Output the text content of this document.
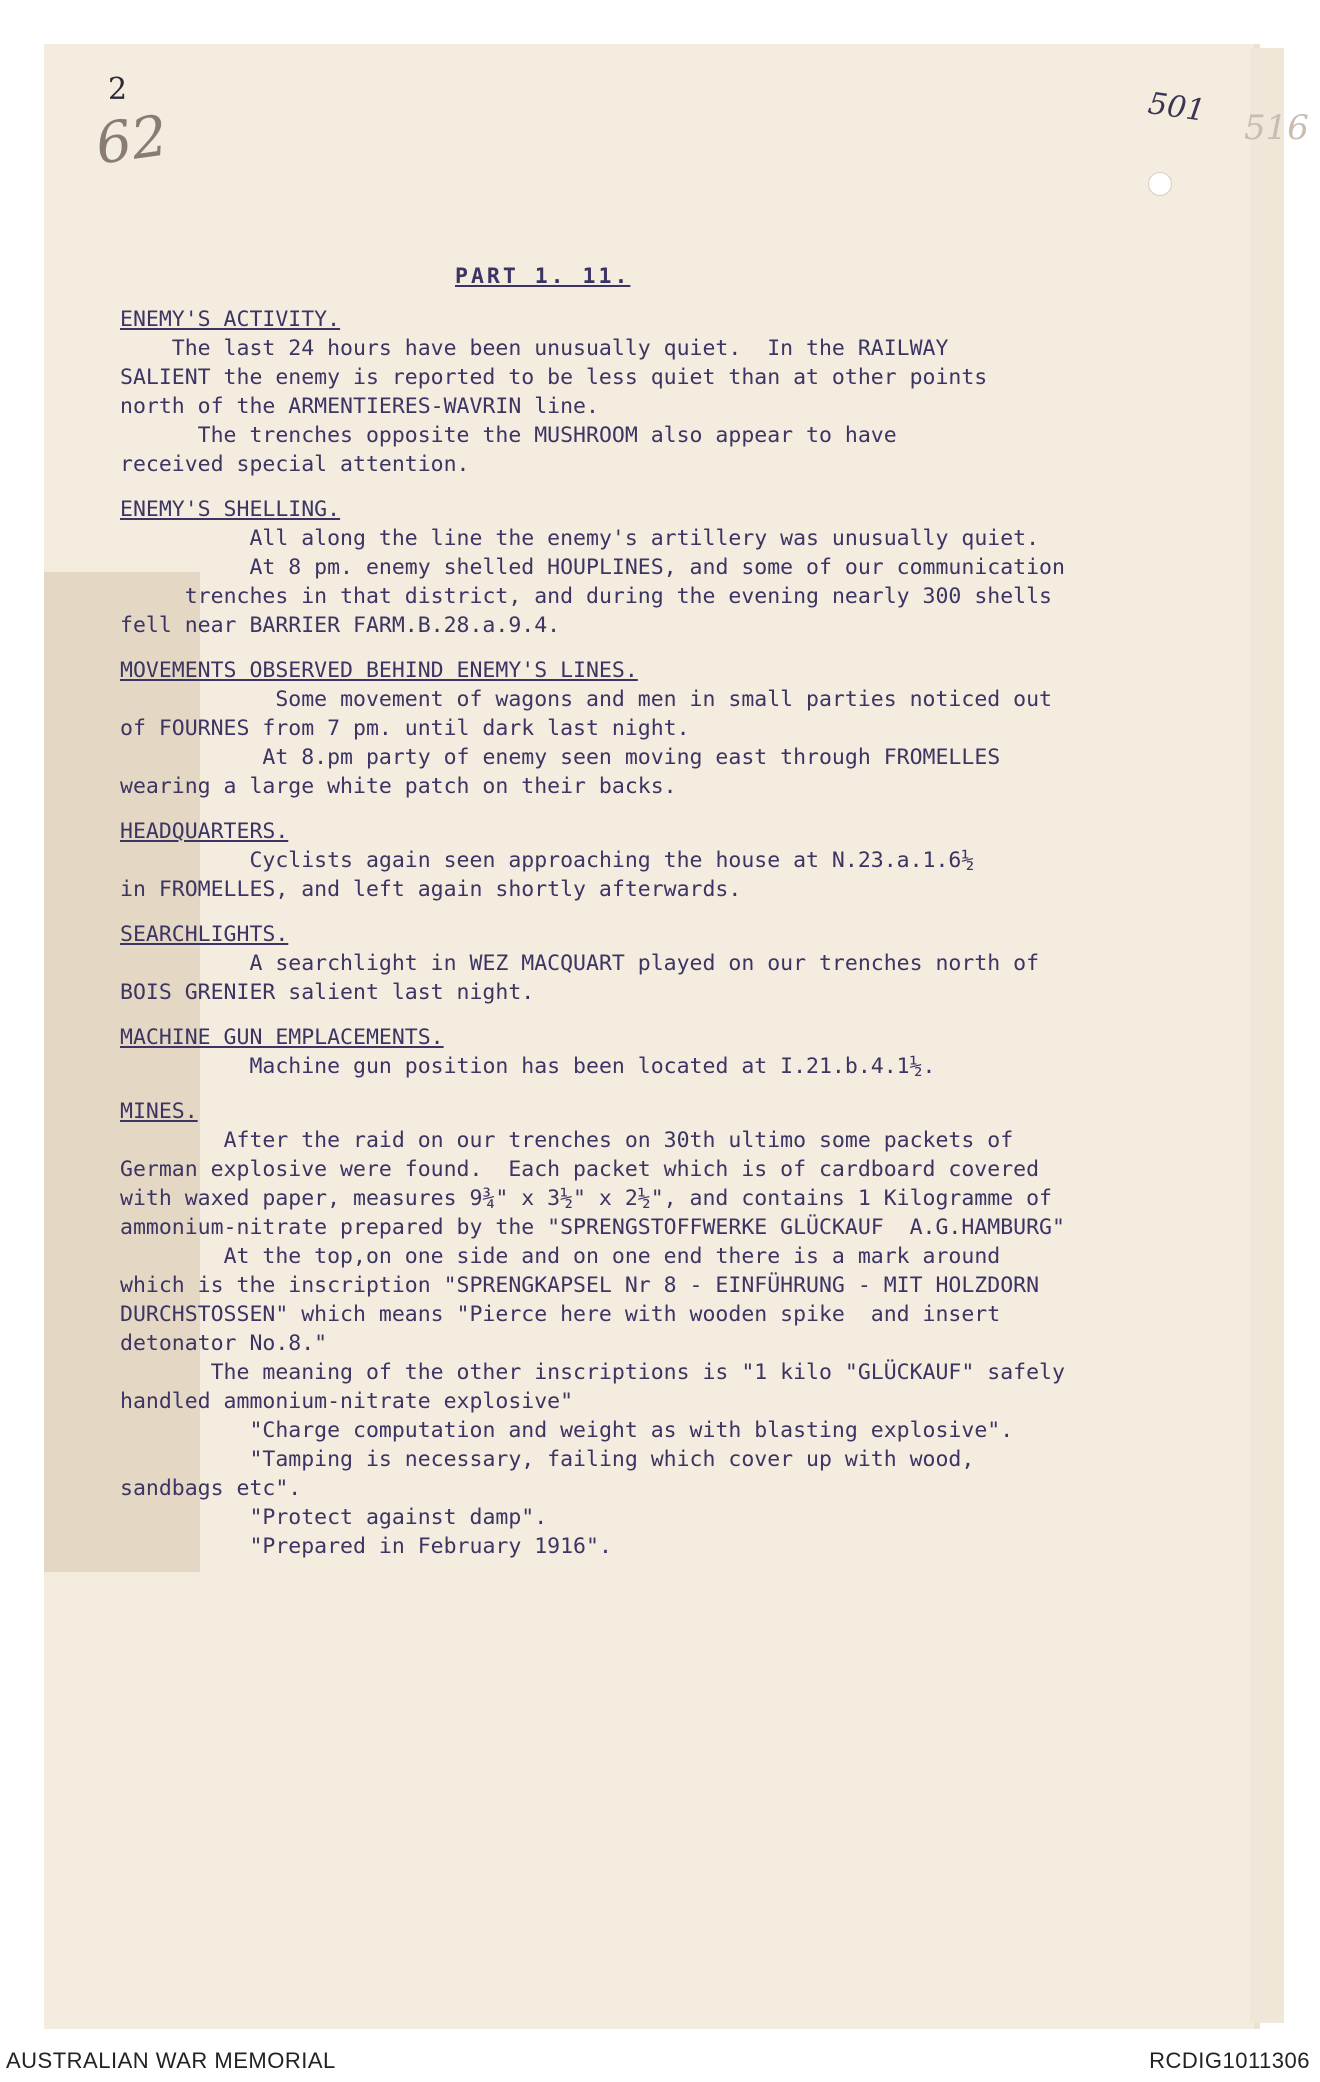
2
62	501 516
PART 1. 11.
ENEMY'S ACTIVITY.

The last 24 hours have been unusually quiet.  In the RAILWAY
SALIENT the enemy is reported to be less quiet than at other points
north of the ARMENTIERES-WAVRIN line.

The trenches opposite the MUSHROOM also appear to have
received special attention.

ENEMY'S SHELLING.

All along the line the enemy's artillery was unusually quiet.

At 8 pm. enemy shelled HOUPLINES, and some of our communication
trenches in that district, and during the evening nearly 300 shells
fell near BARRIER FARM.B.28.a.9.4.

MOVEMENTS OBSERVED BEHIND ENEMY'S LINES.

Some movement of wagons and men in small parties noticed out
of FOURNES from 7 pm. until dark last night.

At 8.pm party of enemy seen moving east through FROMELLES
wearing a large white patch on their backs.

HEADQUARTERS.

Cyclists again seen approaching the house at N.23.a.1.6½
in FROMELLES, and left again shortly afterwards.

SEARCHLIGHTS.

A searchlight in WEZ MACQUART played on our trenches north of
BOIS GRENIER salient last night.

MACHINE GUN EMPLACEMENTS.

Machine gun position has been located at I.21.b.4.1½.

MINES.

After the raid on our trenches on 30th ultimo some packets of
German explosive were found.  Each packet which is of cardboard covered
with waxed paper, measures 9¾" x 3½" x 2½", and contains 1 Kilogramme of
ammonium-nitrate prepared by the "SPRENGSTOFFWERKE GLÜCKAUF  A.G.HAMBURG"

At the top,on one side and on one end there is a mark around
which is the inscription "SPRENGKAPSEL Nr 8 - EINFÜHRUNG - MIT HOLZDORN
DURCHSTOSSEN" which means "Pierce here with wooden spike  and insert
detonator No.8."

The meaning of the other inscriptions is "1 kilo "GLÜCKAUF" safely
handled ammonium-nitrate explosive"

"Charge computation and weight as with blasting explosive".

"Tamping is necessary, failing which cover up with wood,
sandbags etc".

"Protect against damp".

"Prepared in February 1916".

AUSTRALIAN WAR MEMORIAL	RCDIG1011306
